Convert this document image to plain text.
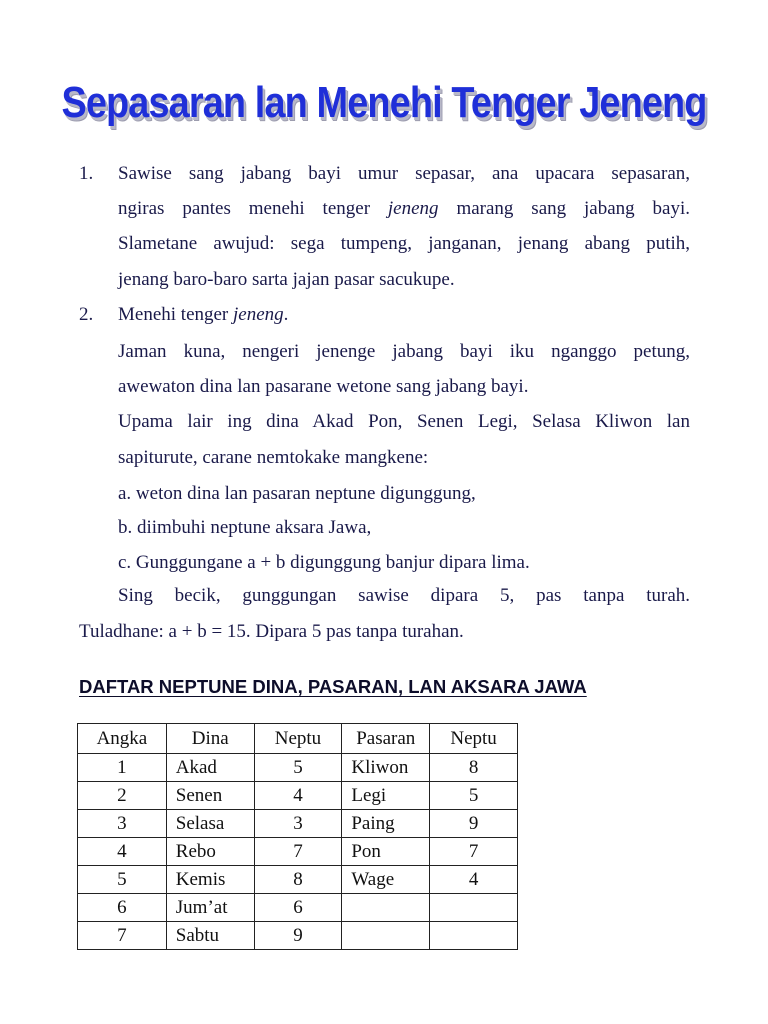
Sepasaran lan Menehi Tenger Jeneng
1. Sawise sang jabang bayi umur sepasar, ana upacara sepasaran,
ngiras pantes menehi tenger jeneng marang sang jabang bayi.
Slametane awujud: sega tumpeng, janganan, jenang abang putih,
jenang baro-baro sarta jajan pasar sacukupe.
2. Menehi tenger jeneng.
Jaman kuna, nengeri jenenge jabang bayi iku nganggo petung,
awewaton dina lan pasarane wetone sang jabang bayi.
Upama lair ing dina Akad Pon, Senen Legi, Selasa Kliwon lan
sapiturute, carane nemtokake mangkene:
a. weton dina lan pasaran neptune digunggung,
b. diimbuhi neptune aksara Jawa,
c. Gunggungane a + b digunggung banjur dipara lima.
Sing becik, gunggungan sawise dipara 5, pas tanpa turah.
Tuladhane: a + b = 15. Dipara 5 pas tanpa turahan.
DAFTAR NEPTUNE DINA, PASARAN, LAN AKSARA JAWA
Angka	Dina	Neptu	Pasaran	Neptu
1	Akad	5	Kliwon	8
2	Senen	4	Legi	5
3	Selasa	3	Paing	9
4	Rebo	7	Pon	7
5	Kemis	8	Wage	4
6	Jum’at	6		
7	Sabtu	9		
